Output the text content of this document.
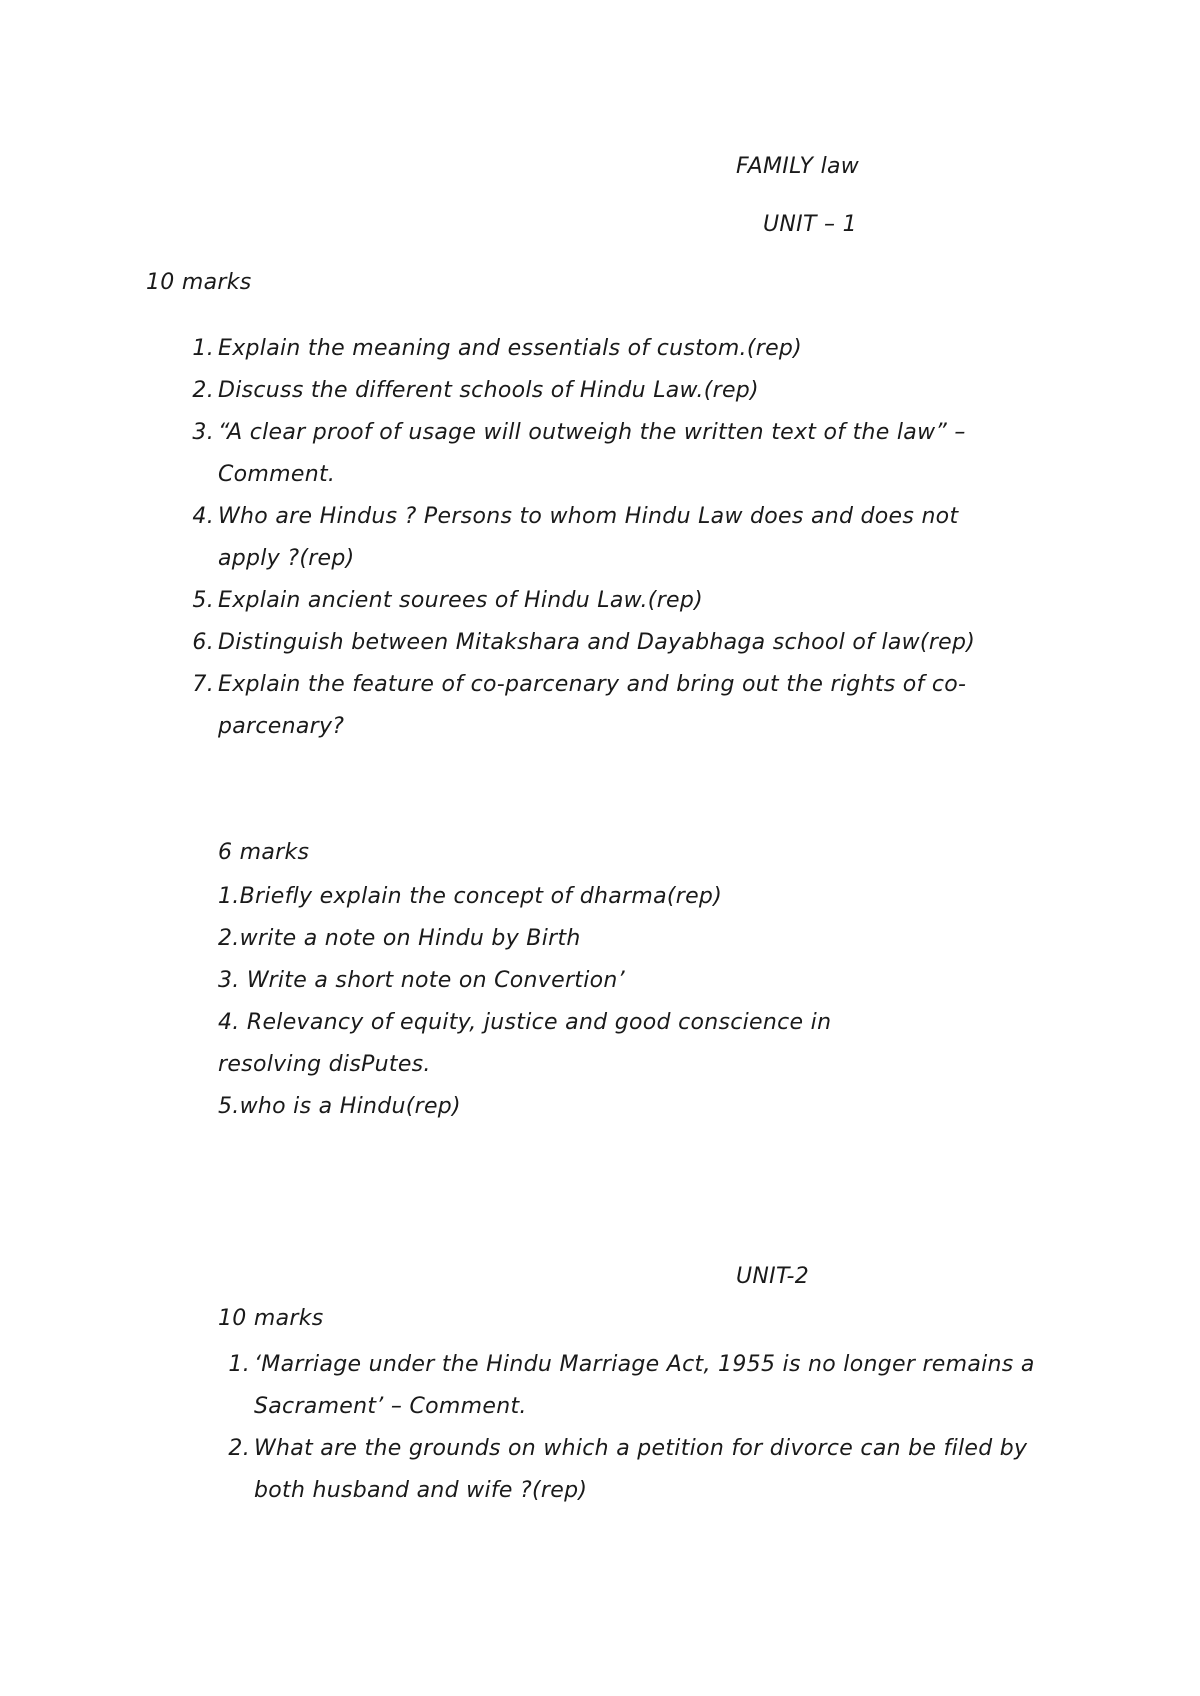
FAMILY law
UNIT – 1
10 marks
1. Explain the meaning and essentials of custom.(rep)
2. Discuss the different schools of Hindu Law.(rep)
3. “A clear proof of usage will outweigh the written text of the law” – Comment.
4. Who are Hindus ? Persons to whom Hindu Law does and does not apply ?(rep)
5. Explain ancient sourees of Hindu Law.(rep)
6. Distinguish between Mitakshara and Dayabhaga school of law(rep)
7. Explain the feature of co-parcenary and bring out the rights of co-parcenary?
6 marks
1.Briefly explain the concept of dharma(rep)
2.write a note on Hindu by Birth
3. Write a short note on Convertion’
4. Relevancy of equity, justice and good conscience in resolving disPutes.
5.who is a Hindu(rep)
UNIT-2
10 marks
1. ‘Marriage under the Hindu Marriage Act, 1955 is no longer remains a Sacrament’ – Comment.
2. What are the grounds on which a petition for divorce can be filed by both husband and wife ?(rep)
